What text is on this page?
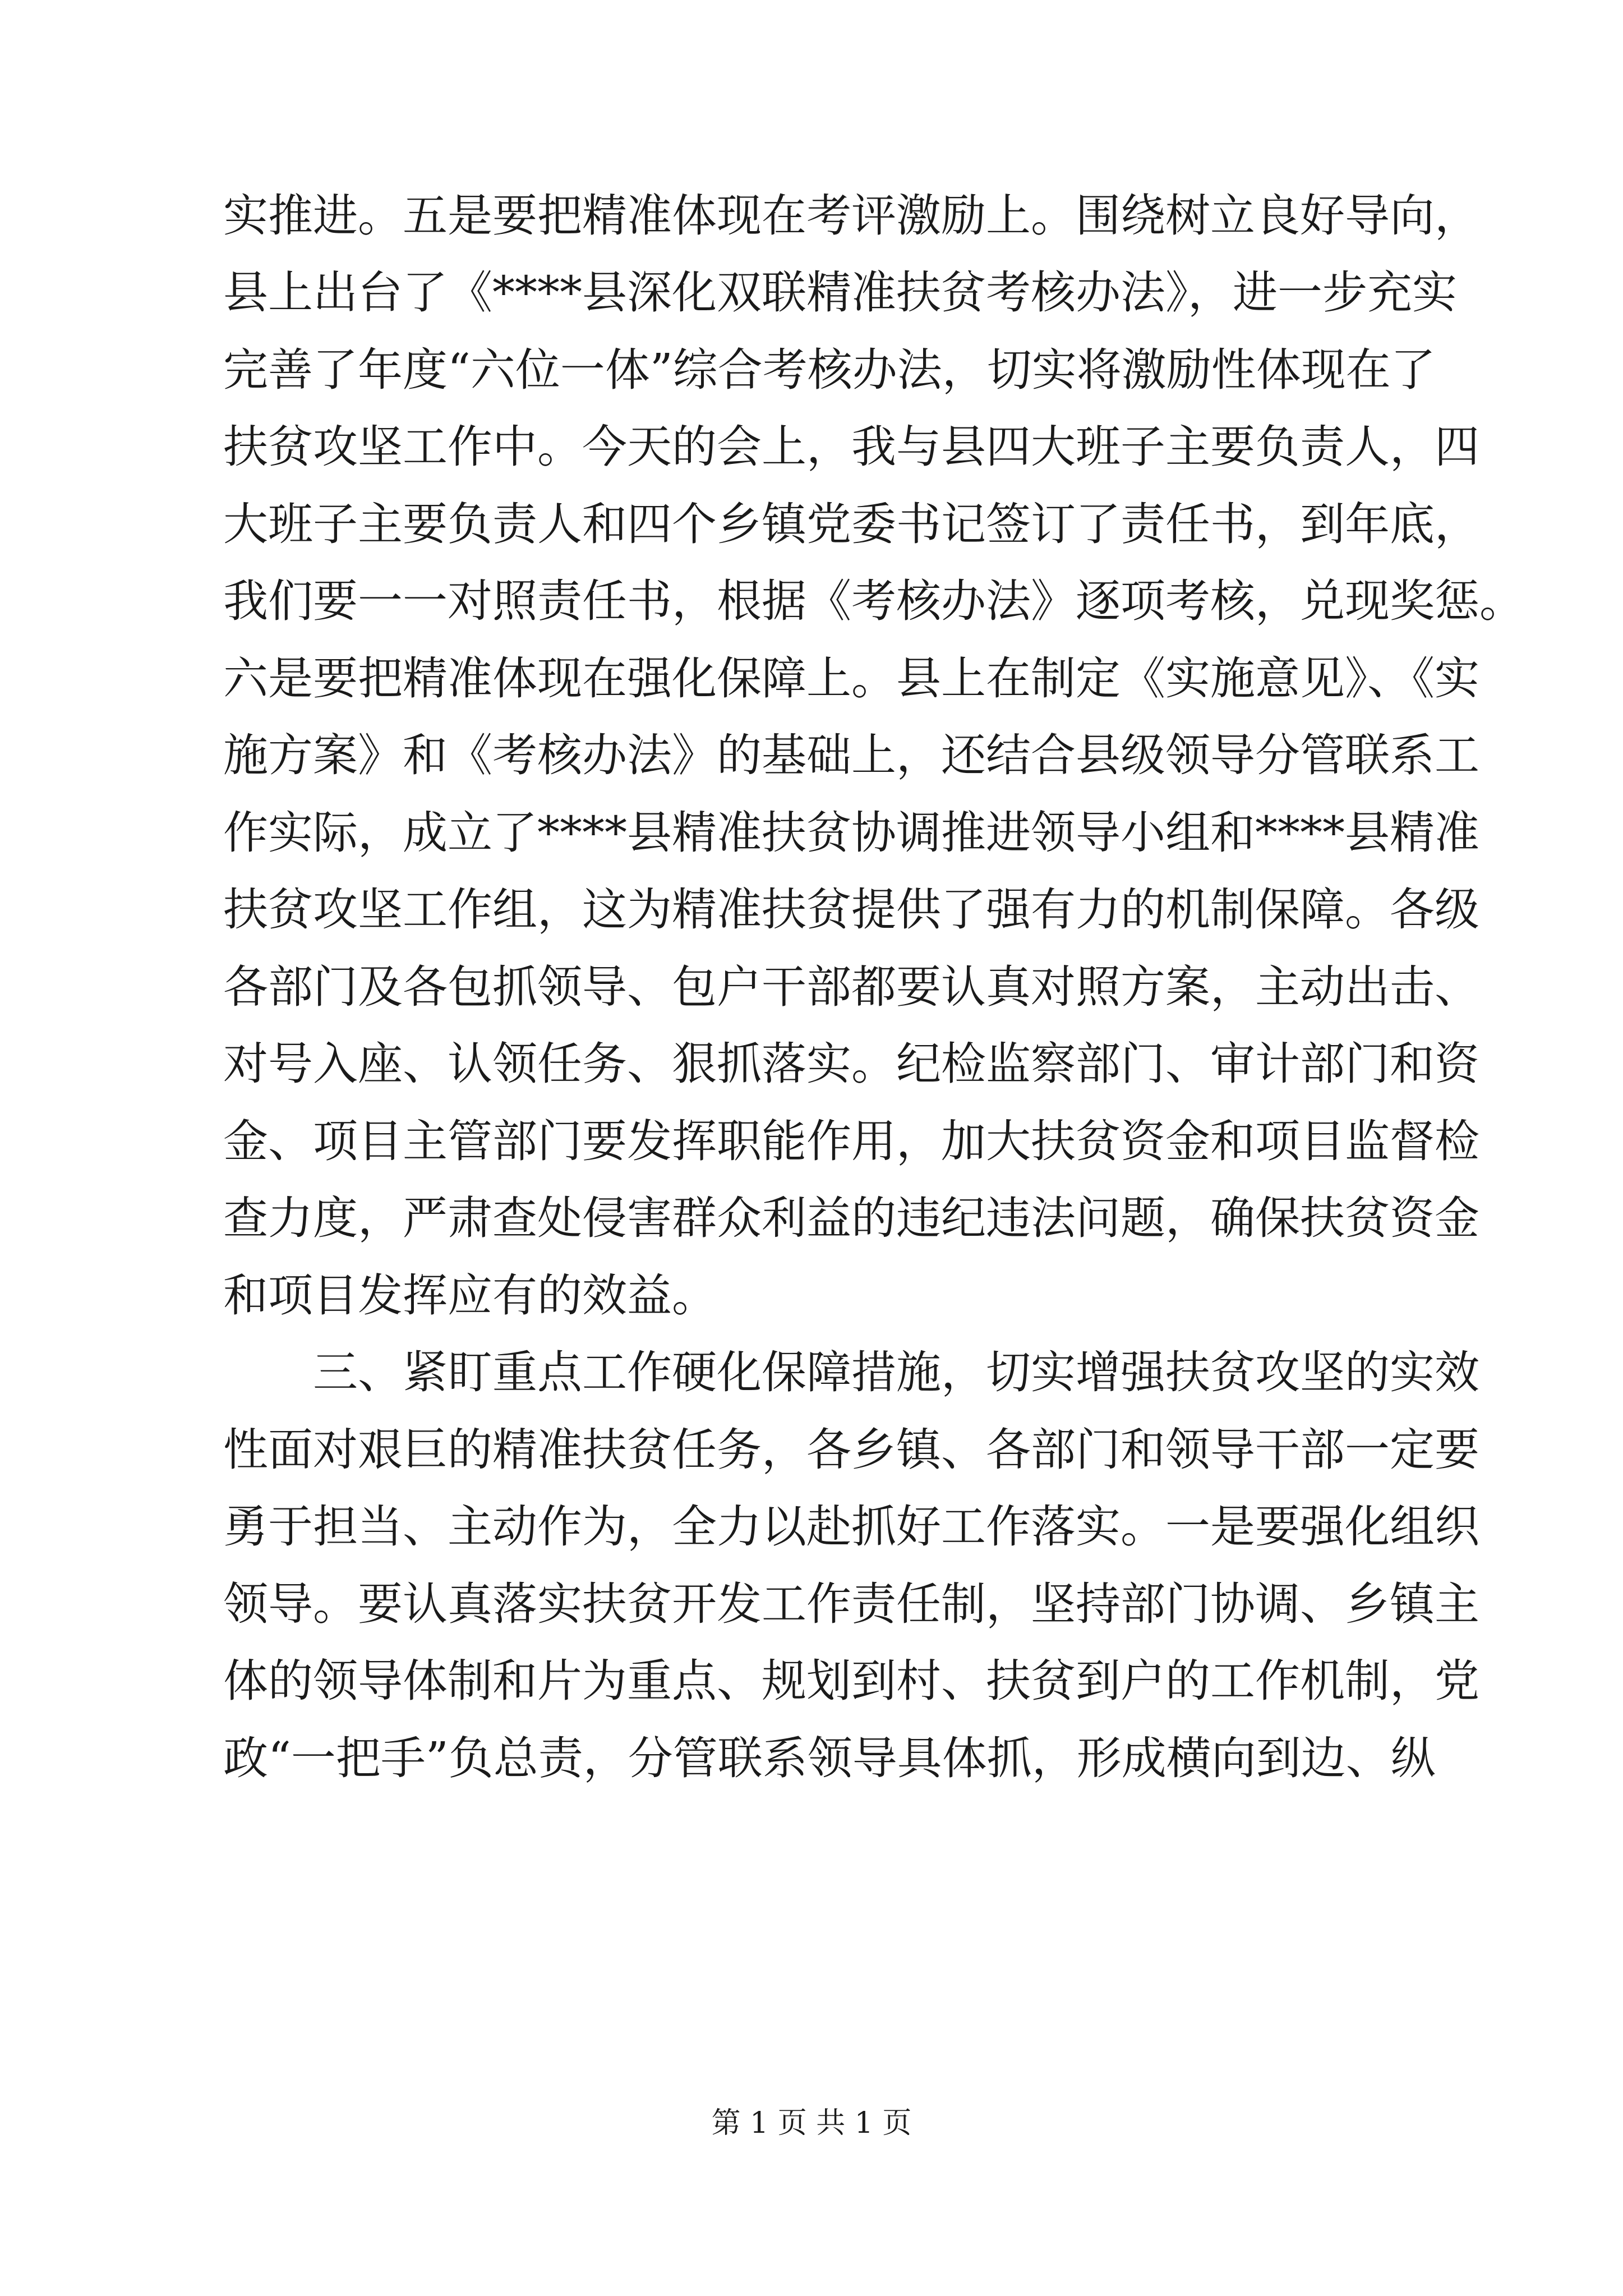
实推进。五是要把精准体现在考评激励上。围绕树立良好导向，
县上出台了《****县深化双联精准扶贫考核办法》，进一步充实
完善了年度“六位一体”综合考核办法，切实将激励性体现在了
扶贫攻坚工作中。今天的会上，我与县四大班子主要负责人，四
大班子主要负责人和四个乡镇党委书记签订了责任书，到年底，
我们要一一对照责任书，根据《考核办法》逐项考核，兑现奖惩。
六是要把精准体现在强化保障上。县上在制定《实施意见》、《实
施方案》和《考核办法》的基础上，还结合县级领导分管联系工
作实际，成立了****县精准扶贫协调推进领导小组和****县精准
扶贫攻坚工作组，这为精准扶贫提供了强有力的机制保障。各级
各部门及各包抓领导、包户干部都要认真对照方案，主动出击、
对号入座、认领任务、狠抓落实。纪检监察部门、审计部门和资
金、项目主管部门要发挥职能作用，加大扶贫资金和项目监督检
查力度，严肃查处侵害群众利益的违纪违法问题，确保扶贫资金
和项目发挥应有的效益。
三、紧盯重点工作硬化保障措施，切实增强扶贫攻坚的实效
性面对艰巨的精准扶贫任务，各乡镇、各部门和领导干部一定要
勇于担当、主动作为，全力以赴抓好工作落实。一是要强化组织
领导。要认真落实扶贫开发工作责任制，坚持部门协调、乡镇主
体的领导体制和片为重点、规划到村、扶贫到户的工作机制，党
政“一把手”负总责，分管联系领导具体抓，形成横向到边、纵
第 1 页 共 1 页
